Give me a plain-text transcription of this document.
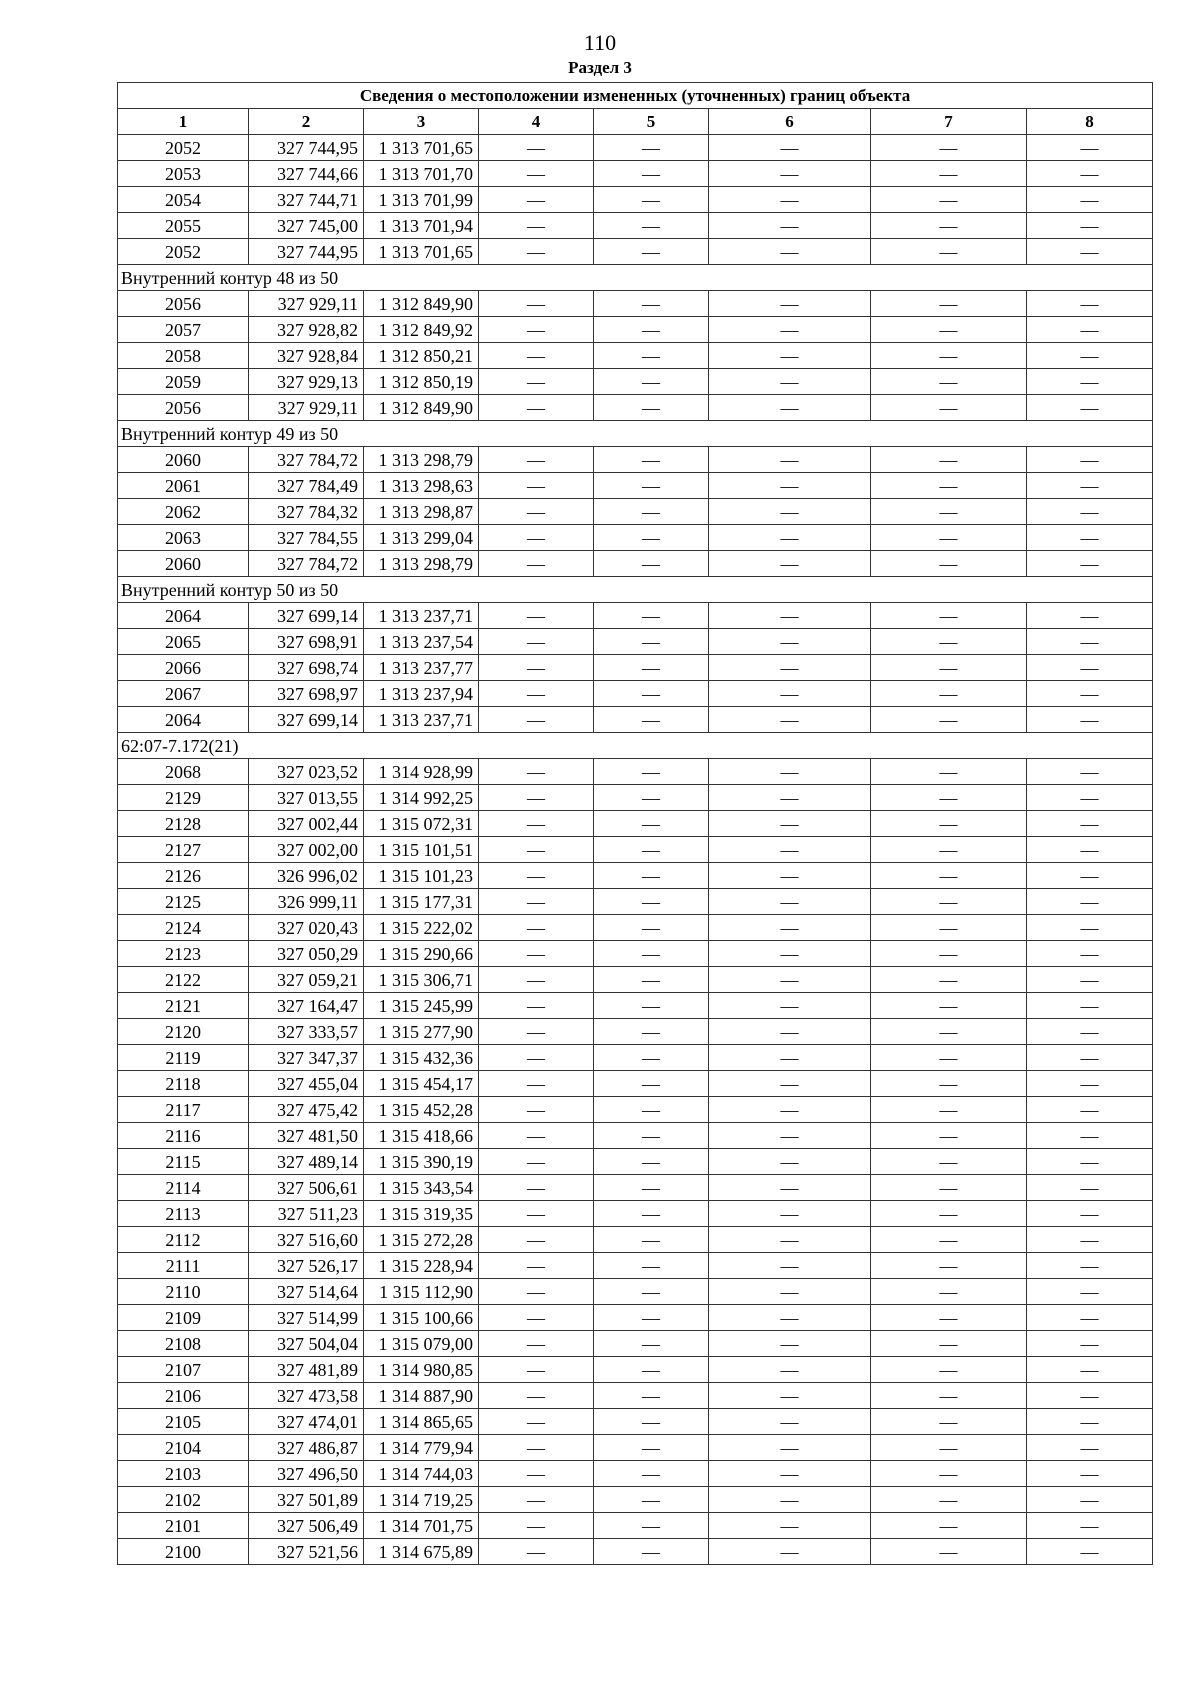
110
Раздел 3
Сведения о местоположении измененных (уточненных) границ объекта							
1	2	3	4	5	6	7	8
2052	327 744,95	1 313 701,65	—	—	—	—	—
2053	327 744,66	1 313 701,70	—	—	—	—	—
2054	327 744,71	1 313 701,99	—	—	—	—	—
2055	327 745,00	1 313 701,94	—	—	—	—	—
2052	327 744,95	1 313 701,65	—	—	—	—	—
Внутренний контур 48 из 50							
2056	327 929,11	1 312 849,90	—	—	—	—	—
2057	327 928,82	1 312 849,92	—	—	—	—	—
2058	327 928,84	1 312 850,21	—	—	—	—	—
2059	327 929,13	1 312 850,19	—	—	—	—	—
2056	327 929,11	1 312 849,90	—	—	—	—	—
Внутренний контур 49 из 50							
2060	327 784,72	1 313 298,79	—	—	—	—	—
2061	327 784,49	1 313 298,63	—	—	—	—	—
2062	327 784,32	1 313 298,87	—	—	—	—	—
2063	327 784,55	1 313 299,04	—	—	—	—	—
2060	327 784,72	1 313 298,79	—	—	—	—	—
Внутренний контур 50 из 50							
2064	327 699,14	1 313 237,71	—	—	—	—	—
2065	327 698,91	1 313 237,54	—	—	—	—	—
2066	327 698,74	1 313 237,77	—	—	—	—	—
2067	327 698,97	1 313 237,94	—	—	—	—	—
2064	327 699,14	1 313 237,71	—	—	—	—	—
62:07-7.172(21)							
2068	327 023,52	1 314 928,99	—	—	—	—	—
2129	327 013,55	1 314 992,25	—	—	—	—	—
2128	327 002,44	1 315 072,31	—	—	—	—	—
2127	327 002,00	1 315 101,51	—	—	—	—	—
2126	326 996,02	1 315 101,23	—	—	—	—	—
2125	326 999,11	1 315 177,31	—	—	—	—	—
2124	327 020,43	1 315 222,02	—	—	—	—	—
2123	327 050,29	1 315 290,66	—	—	—	—	—
2122	327 059,21	1 315 306,71	—	—	—	—	—
2121	327 164,47	1 315 245,99	—	—	—	—	—
2120	327 333,57	1 315 277,90	—	—	—	—	—
2119	327 347,37	1 315 432,36	—	—	—	—	—
2118	327 455,04	1 315 454,17	—	—	—	—	—
2117	327 475,42	1 315 452,28	—	—	—	—	—
2116	327 481,50	1 315 418,66	—	—	—	—	—
2115	327 489,14	1 315 390,19	—	—	—	—	—
2114	327 506,61	1 315 343,54	—	—	—	—	—
2113	327 511,23	1 315 319,35	—	—	—	—	—
2112	327 516,60	1 315 272,28	—	—	—	—	—
2111	327 526,17	1 315 228,94	—	—	—	—	—
2110	327 514,64	1 315 112,90	—	—	—	—	—
2109	327 514,99	1 315 100,66	—	—	—	—	—
2108	327 504,04	1 315 079,00	—	—	—	—	—
2107	327 481,89	1 314 980,85	—	—	—	—	—
2106	327 473,58	1 314 887,90	—	—	—	—	—
2105	327 474,01	1 314 865,65	—	—	—	—	—
2104	327 486,87	1 314 779,94	—	—	—	—	—
2103	327 496,50	1 314 744,03	—	—	—	—	—
2102	327 501,89	1 314 719,25	—	—	—	—	—
2101	327 506,49	1 314 701,75	—	—	—	—	—
2100	327 521,56	1 314 675,89	—	—	—	—	—
